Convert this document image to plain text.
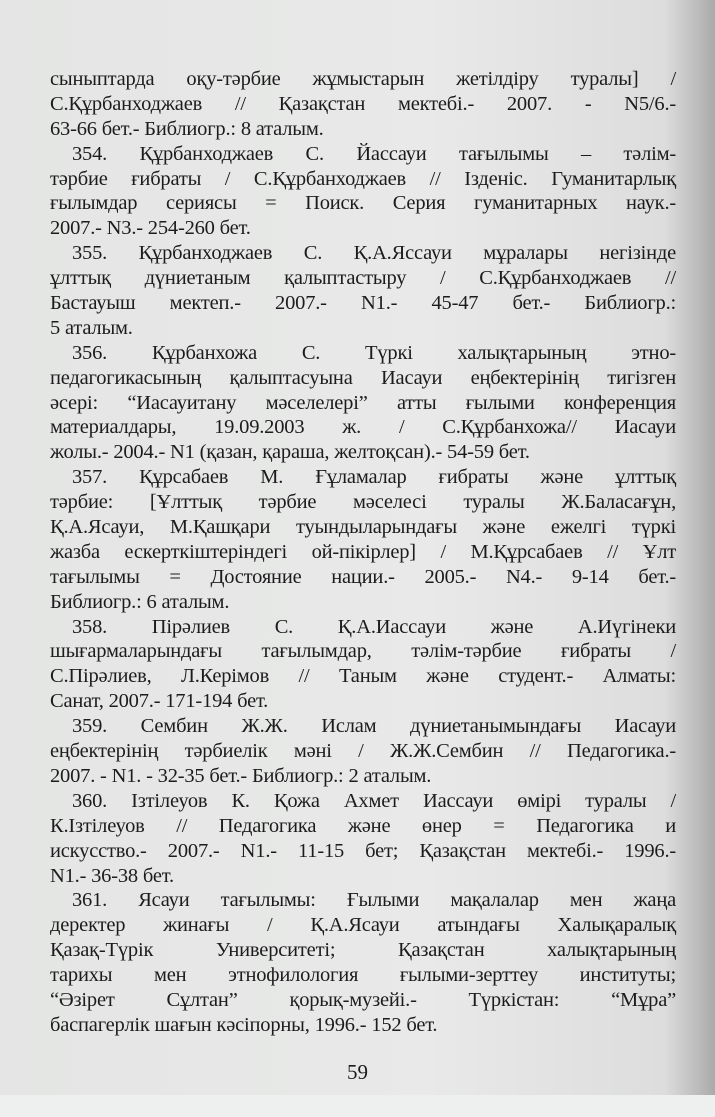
сыныптарда оқу-тәрбие жұмыстарын жетілдіру туралы] /
С.Құрбанходжаев // Қазақстан мектебі.- 2007. - N5/6.-
63-66 бет.- Библиогр.: 8 аталым.
354. Құрбанходжаев С. Йассауи тағылымы – тәлім-
тәрбие ғибраты / С.Құрбанходжаев // Ізденіс. Гуманитарлық
ғылымдар сериясы = Поиск. Серия гуманитарных наук.-
2007.- N3.- 254-260 бет.
355. Құрбанходжаев С. Қ.А.Яссауи мұралары негізінде
ұлттық дүниетаным қалыптастыру / С.Құрбанходжаев //
Бастауыш мектеп.- 2007.- N1.- 45-47 бет.- Библиогр.:
5 аталым.
356. Құрбанхожа С. Түркі халықтарының этно-
педагогикасының қалыптасуына Иасауи еңбектерінің тигізген
әсері: “Иасауитану мәселелері” атты ғылыми конференция
материалдары, 19.09.2003 ж. / С.Құрбанхожа// Иасауи
жолы.- 2004.- N1 (қазан, қараша, желтоқсан).- 54-59 бет.
357. Құрсабаев М. Ғұламалар ғибраты және ұлттық
тәрбие: [Ұлттық тәрбие мәселесі туралы Ж.Баласағұн,
Қ.А.Ясауи, М.Қашқари туындыларындағы және ежелгі түркі
жазба ескерткіштеріндегі ой-пікірлер] / М.Құрсабаев // Ұлт
тағылымы = Достояние нации.- 2005.- N4.- 9-14 бет.-
Библиогр.: 6 аталым.
358. Пірәлиев С. Қ.А.Иассауи және А.Иүгінеки
шығармаларындағы тағылымдар, тәлім-тәрбие ғибраты /
С.Пірәлиев, Л.Керімов // Таным және студент.- Алматы:
Санат, 2007.- 171-194 бет.
359. Сембин Ж.Ж. Ислам дүниетанымындағы Иасауи
еңбектерінің тәрбиелік мәні / Ж.Ж.Сембин // Педагогика.-
2007. - N1. - 32-35 бет.- Библиогр.: 2 аталым.
360. Ізтілеуов К. Қожа Ахмет Иассауи өмірі туралы /
К.Ізтілеуов // Педагогика және өнер = Педагогика и
искусство.- 2007.- N1.- 11-15 бет; Қазақстан мектебі.- 1996.-
N1.- 36-38 бет.
361. Ясауи тағылымы: Ғылыми мақалалар мен жаңа
деректер жинағы / Қ.А.Ясауи атындағы Халықаралық
Қазақ-Түрік Университеті; Қазақстан халықтарының
тарихы мен этнофилология ғылыми-зерттеу институты;
“Әзірет Сұлтан” қорық-музейі.- Түркістан: “Мұра”
баспагерлік шағын кәсіпорны, 1996.- 152 бет.
59
